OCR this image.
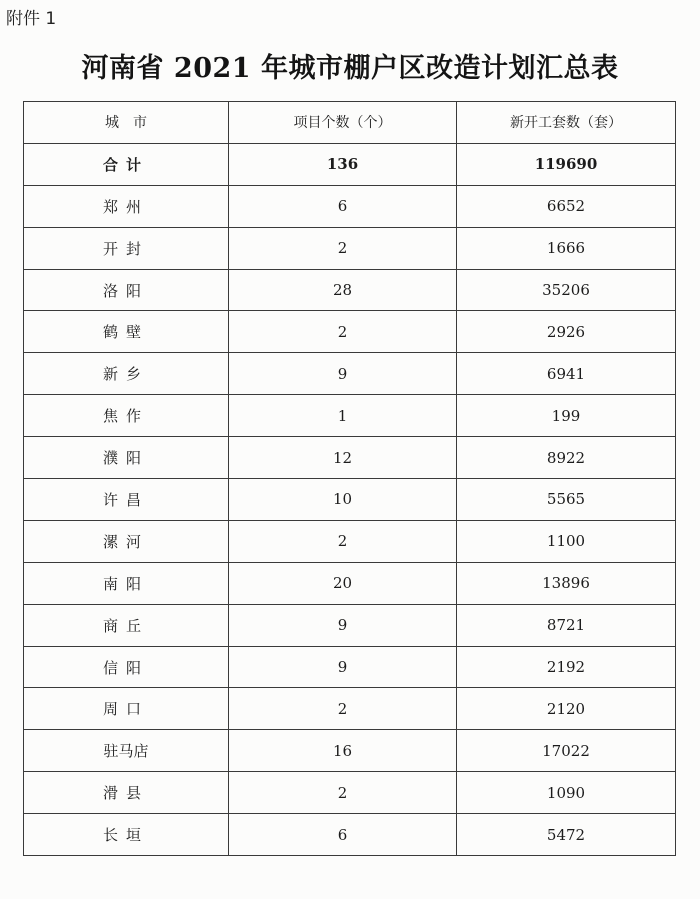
附件 1
河南省 2021 年城市棚户区改造计划汇总表
城　市	项目个数（个）	新开工套数（套）
合计	136	119690
郑州	6	6652
开封	2	1666
洛阳	28	35206
鹤壁	2	2926
新乡	9	6941
焦作	1	199
濮阳	12	8922
许昌	10	5565
漯河	2	1100
南阳	20	13896
商丘	9	8721
信阳	9	2192
周口	2	2120
驻马店	16	17022
滑县	2	1090
长垣	6	5472
